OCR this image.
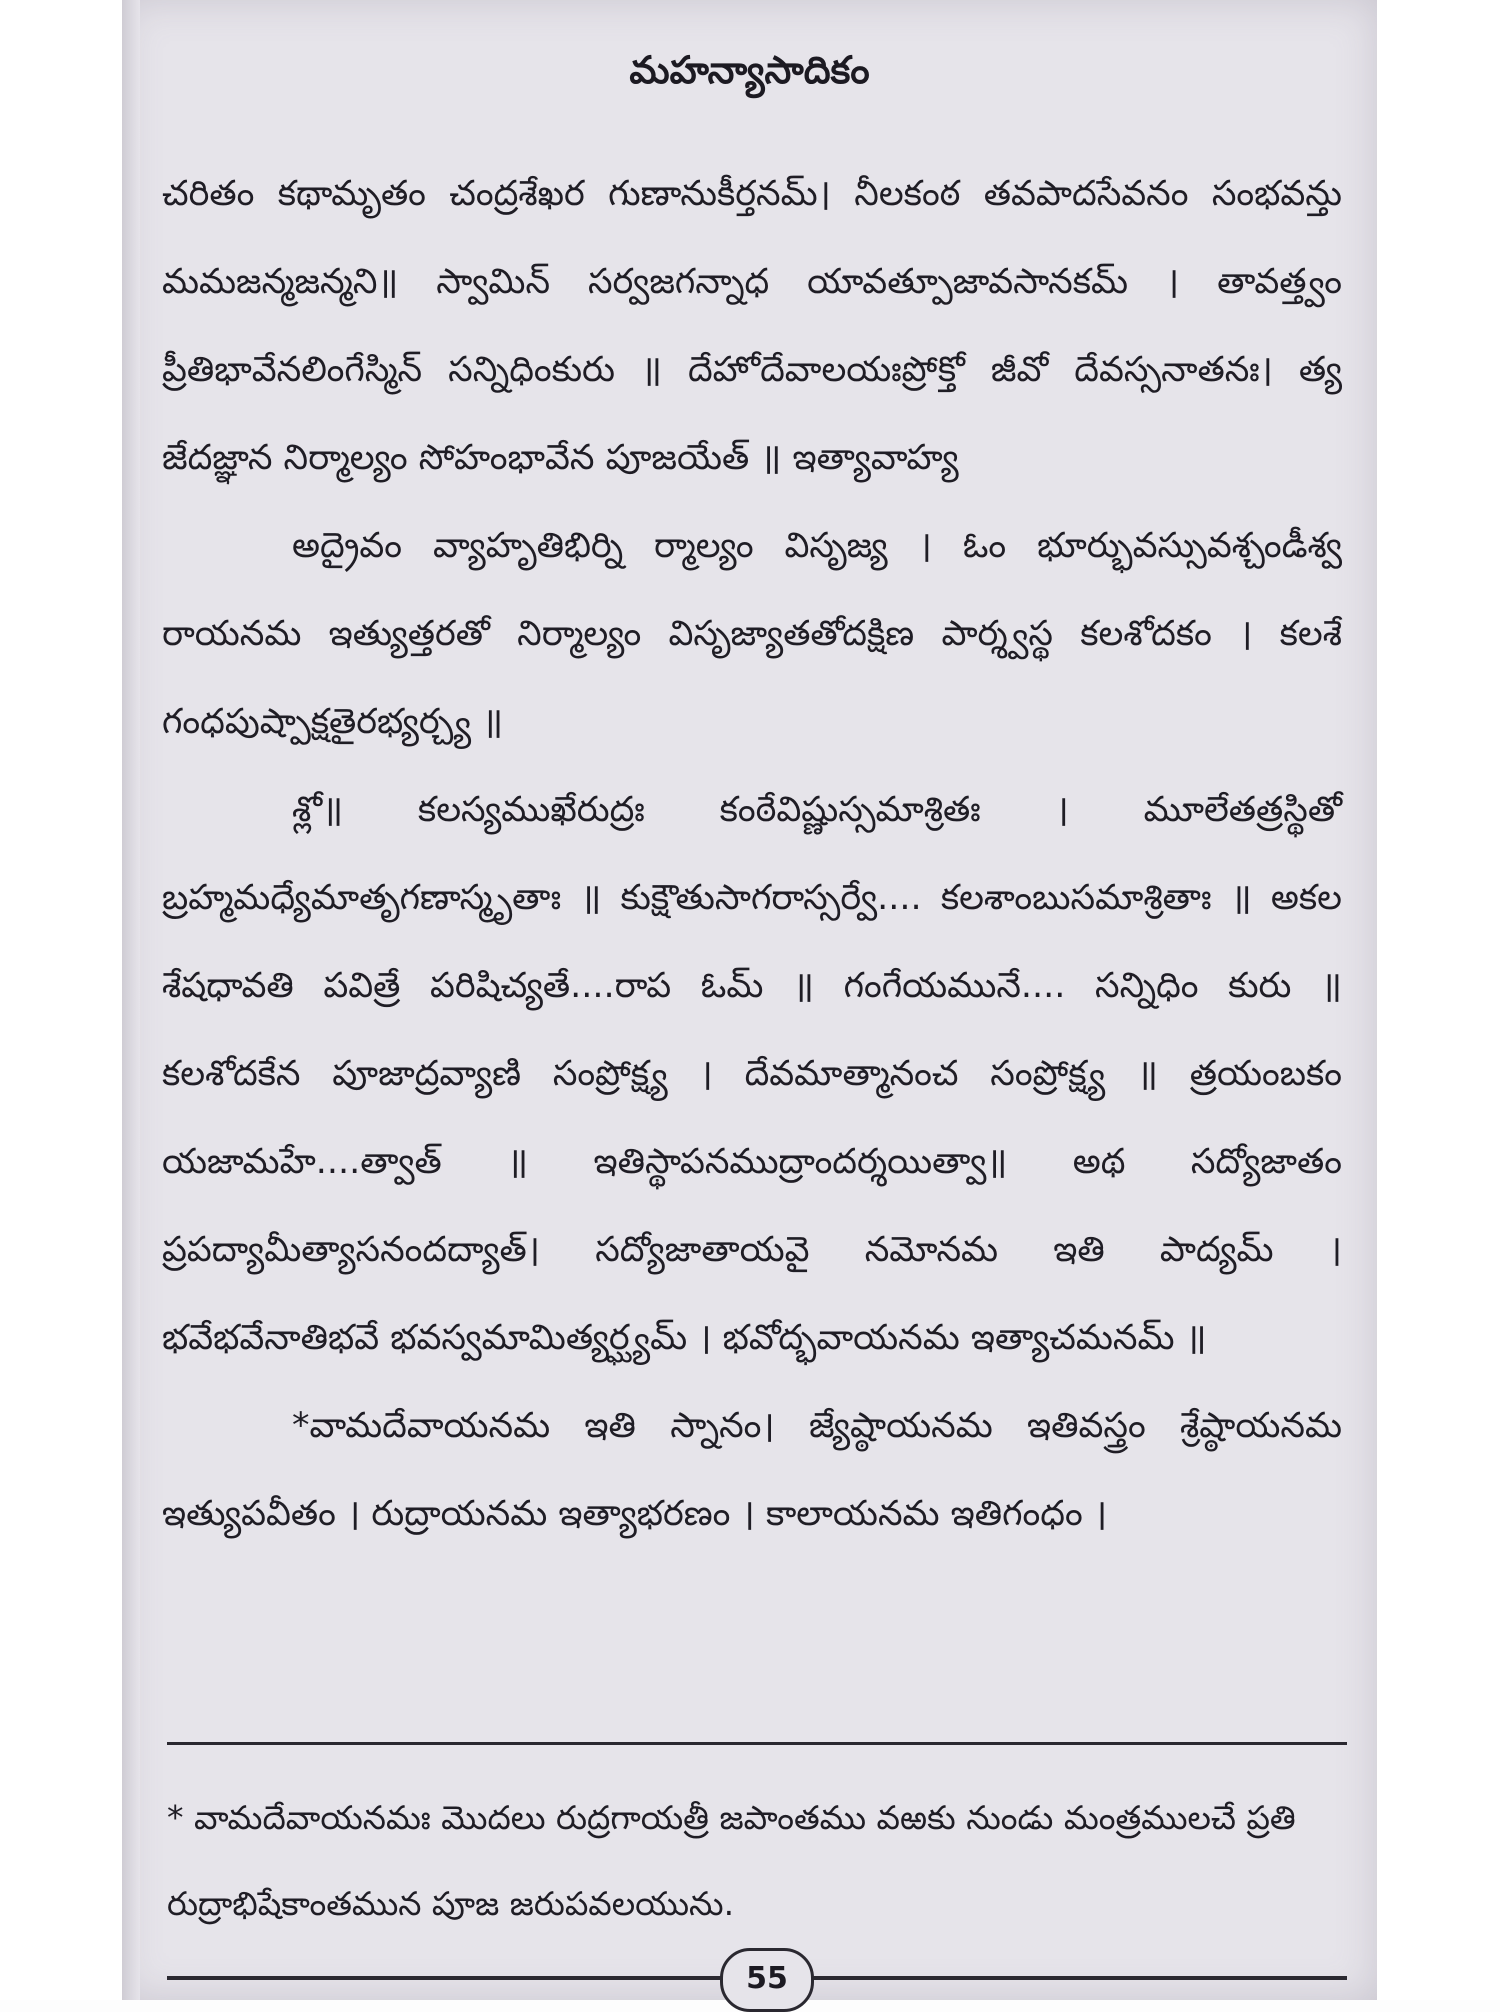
మహన్యాసాదికం

చరితం కథామృతం చంద్రశేఖర గుణానుకీర్తనమ్। నీలకంఠ తవపాదసేవనం సంభవన్తు మమజన్మజన్మని॥ స్వామిన్ సర్వజగన్నాధ యావత్పూజావసానకమ్ । తావత్త్వం ప్రీతిభావేనలింగేస్మిన్ సన్నిధింకురు ॥ దేహోదేవాలయఃప్రోక్తో జీవో దేవస్సనాతనః। త్య జేదజ్ఞాన నిర్మాల్యం సోహంభావేన పూజయేత్ ॥ ఇత్యావాహ్య

అద్రైవం వ్యాహృతిభిర్ని ర్మాల్యం విసృజ్య । ఓం భూర్భువస్సువశ్చండీశ్వ రాయనమ ఇత్యుత్తరతో నిర్మాల్యం విసృజ్యాతతోదక్షిణ పార్శ్వస్థ కలశోదకం । కలశే గంధపుష్పాక్షతైరభ్యర్చ్య ॥

శ్లో॥ కలస్యముఖేరుద్రః కంఠేవిష్ణుస్సమాశ్రితః । మూలేతత్రస్థితో బ్రహ్మమధ్యేమాతృగణాస్మృతాః ॥ కుక్షౌతుసాగరాస్సర్వే.... కలశాంబుసమాశ్రితాః ॥ అకల శేషధావతి పవిత్రే పరిషిచ్యతే....రాప ఓమ్ ॥ గంగేయమునే.... సన్నిధిం కురు ॥ కలశోదకేన పూజాద్రవ్యాణి సంప్రోక్ష్య । దేవమాత్మానంచ సంప్రోక్ష్య ॥ త్రయంబకం యజామహే....త్వాత్ ॥ ఇతిస్థాపనముద్రాందర్శయిత్వా॥ అథ సద్యోజాతం ప్రపద్యామీత్యాసనందద్యాత్। సద్యోజాతాయవై నమోనమ ఇతి పాద్యమ్ । భవేభవేనాతిభవే భవస్వమామిత్యర్ఘ్యమ్ । భవోద్భవాయనమ ఇత్యాచమనమ్ ॥

*వామదేవాయనమ ఇతి స్నానం। జ్యేష్ఠాయనమ ఇతివస్త్రం శ్రేష్ఠాయనమ ఇత్యుపవీతం । రుద్రాయనమ ఇత్యాభరణం । కాలాయనమ ఇతిగంధం ।

* వామదేవాయనమః మొదలు రుద్రగాయత్రీ జపాంతము వఱకు నుండు మంత్రములచే ప్రతి రుద్రాభిషేకాంతమున పూజ జరుపవలయును.
55
